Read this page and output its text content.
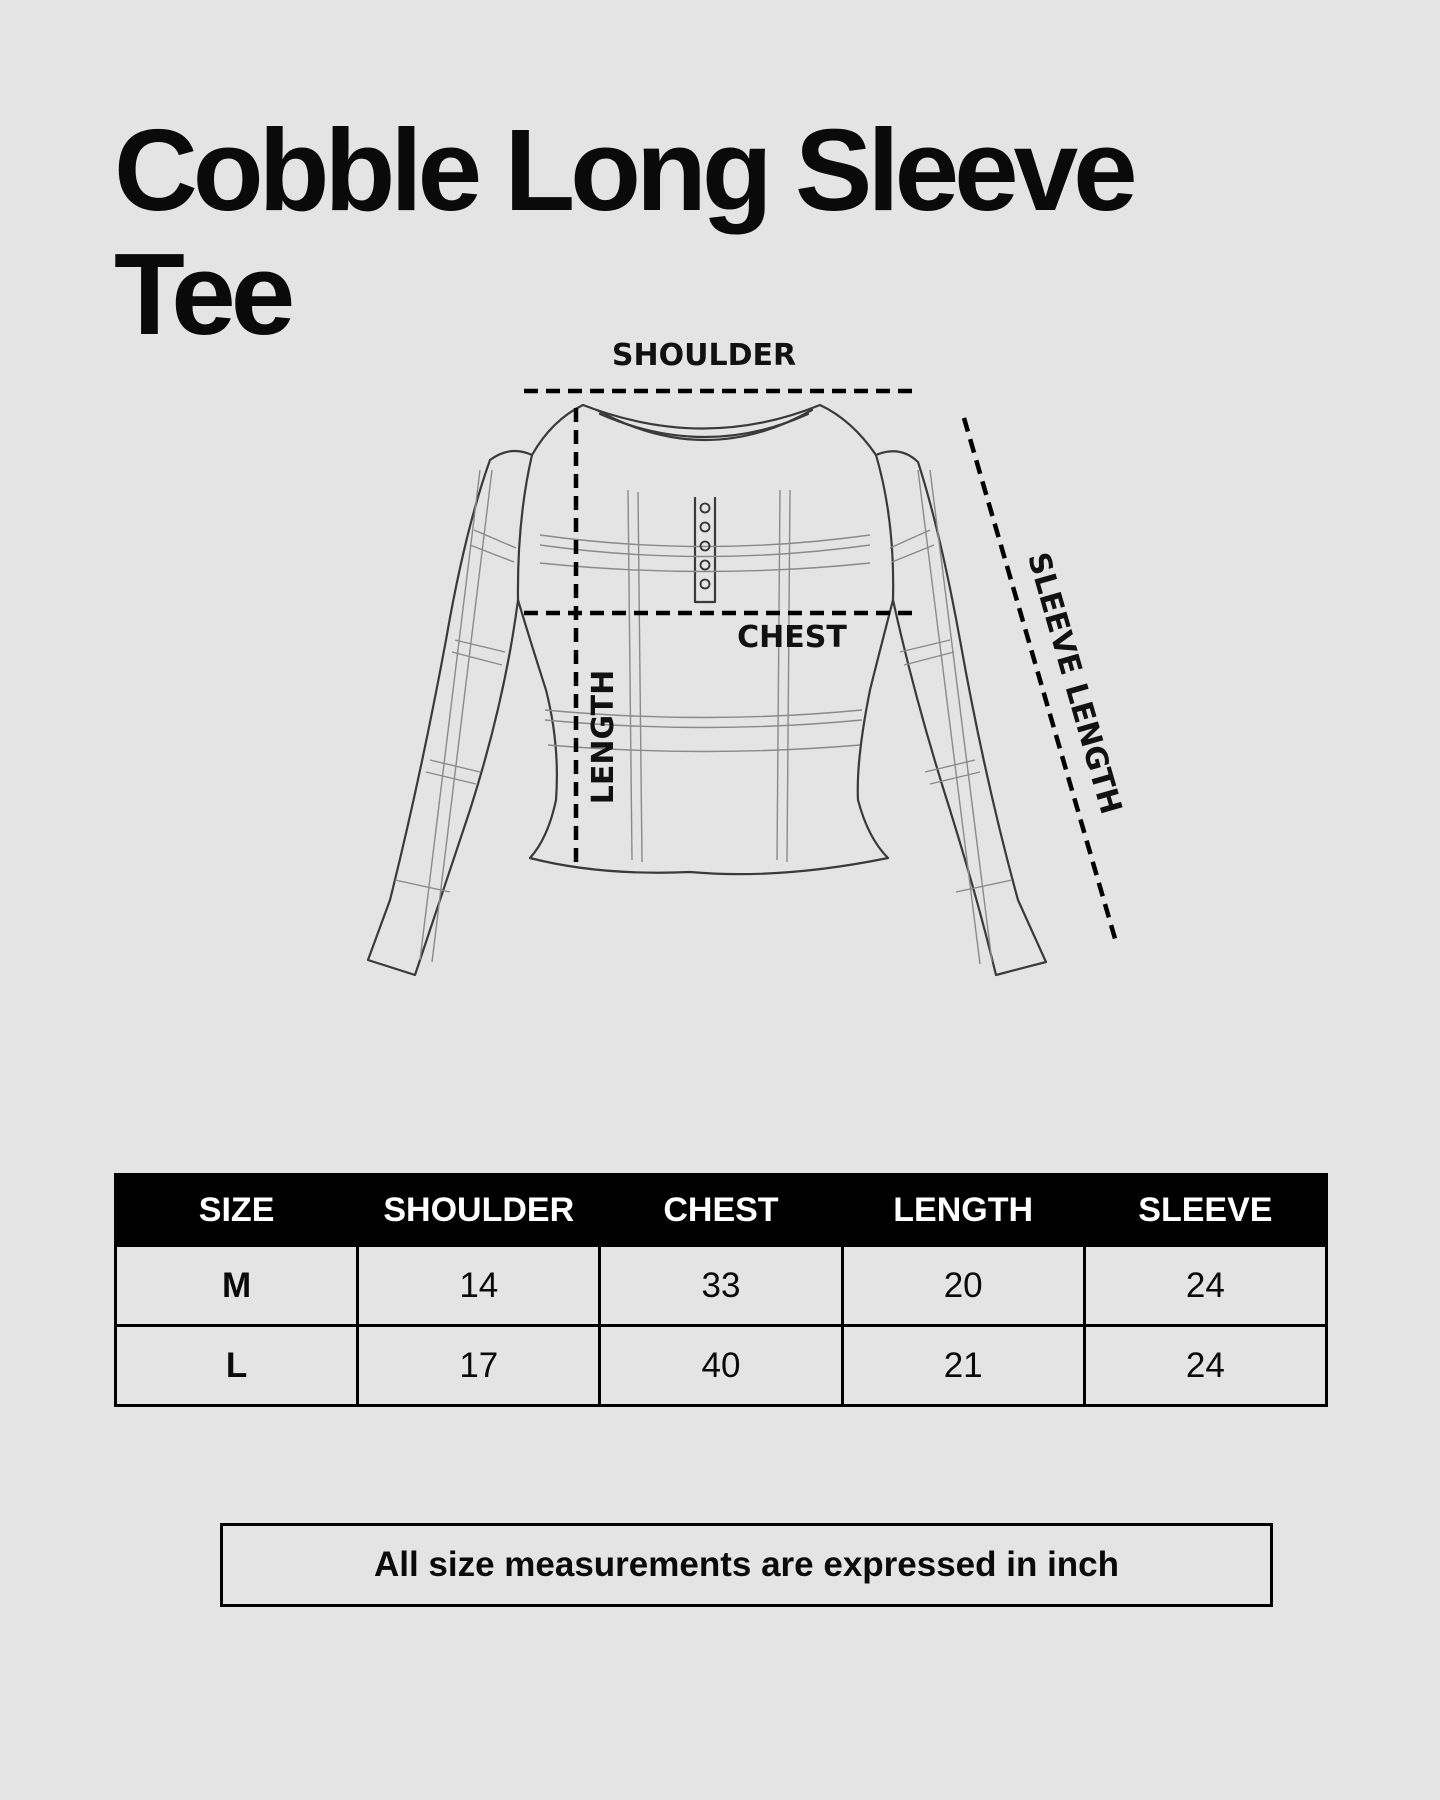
Cobble Long Sleeve Tee	SHOULDER
CHEST
LENGTH	SLEEVE LENGTH
SIZE	SHOULDER	CHEST	LENGTH	SLEEVE
M	14	33	20	24
L	17	40	21	24
All size measurements are expressed in inch
